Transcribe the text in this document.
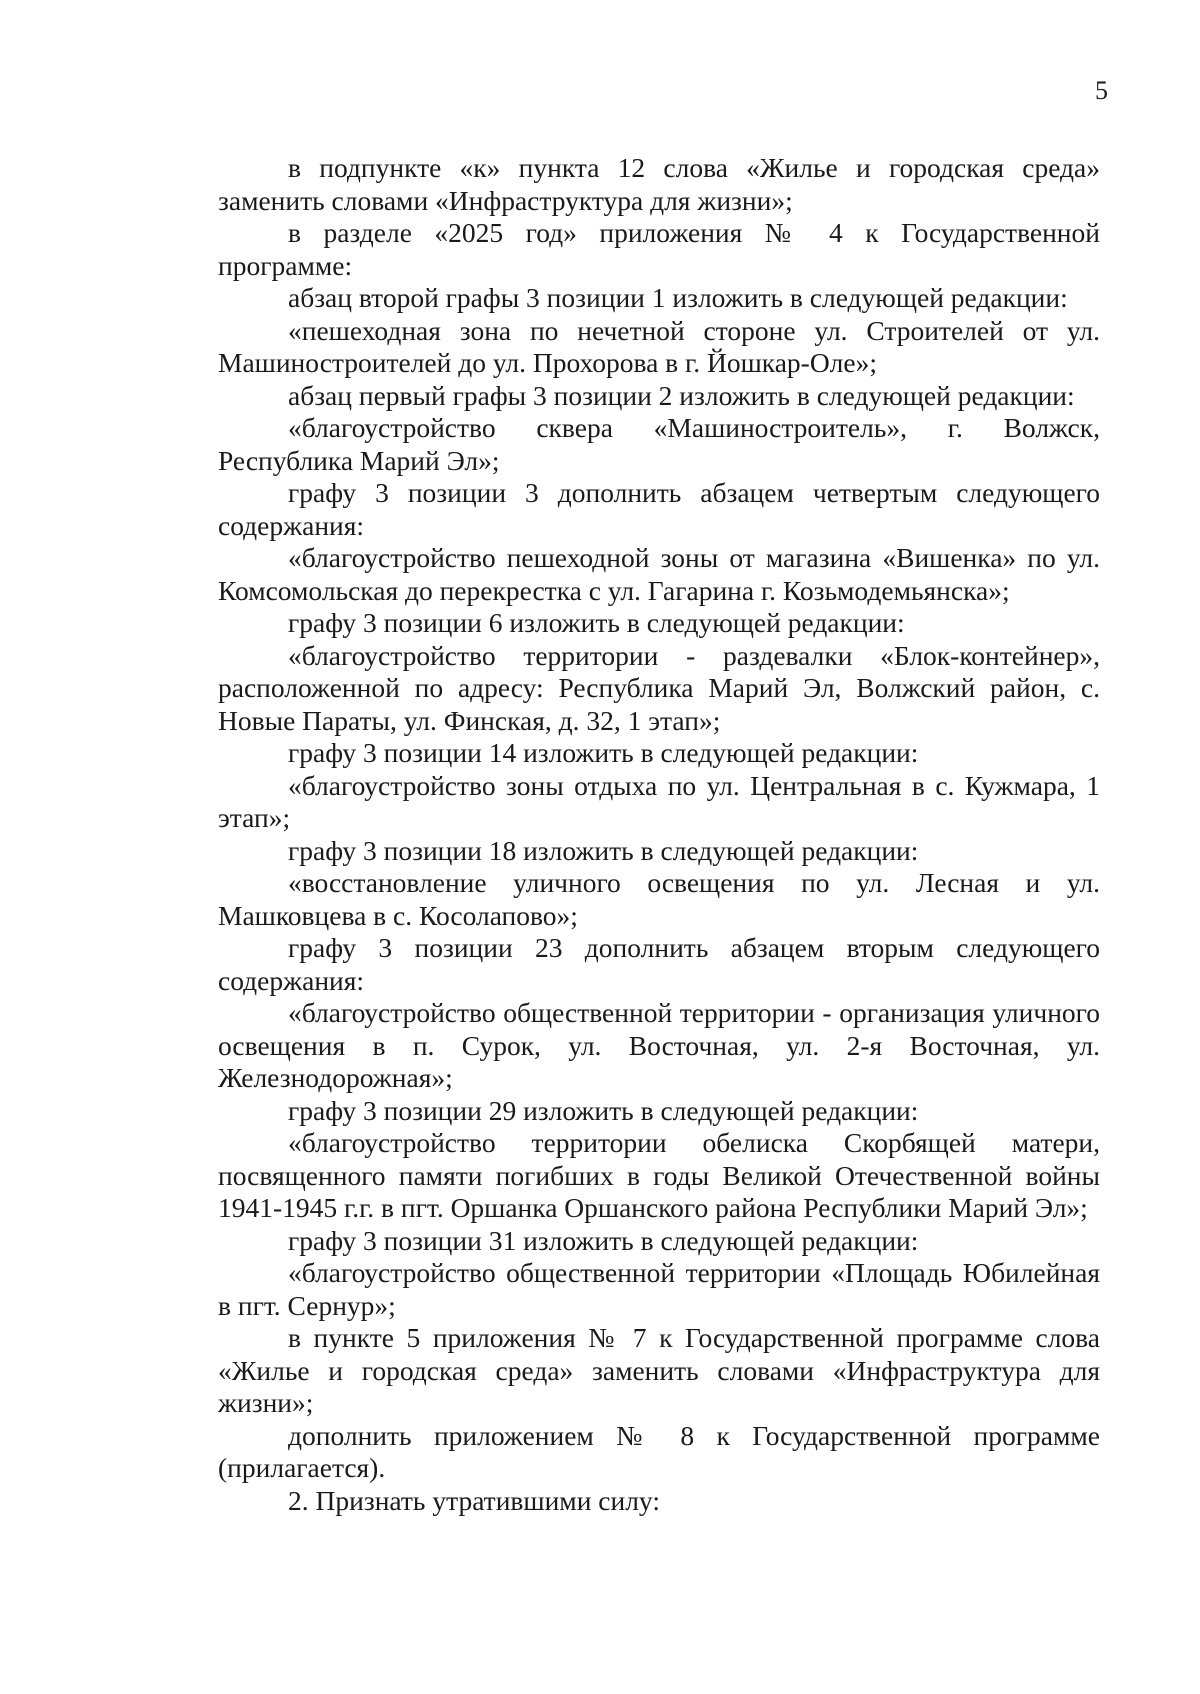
5

в подпункте «к» пункта 12 слова «Жилье и городская среда» заменить словами «Инфраструктура для жизни»;

в разделе «2025 год» приложения № 4 к Государственной программе:

абзац второй графы 3 позиции 1 изложить в следующей редакции:

«пешеходная зона по нечетной стороне ул. Строителей от ул. Машиностроителей до ул. Прохорова в г. Йошкар-Оле»;

абзац первый графы 3 позиции 2 изложить в следующей редакции:

«благоустройство сквера «Машиностроитель», г. Волжск, Республика Марий Эл»;

графу 3 позиции 3 дополнить абзацем четвертым следующего содержания:

«благоустройство пешеходной зоны от магазина «Вишенка» по ул. Комсомольская до перекрестка с ул. Гагарина г. Козьмодемьянска»;

графу 3 позиции 6 изложить в следующей редакции:

«благоустройство территории - раздевалки «Блок-контейнер», расположенной по адресу: Республика Марий Эл, Волжский район, с. Новые Параты, ул. Финская, д. 32, 1 этап»;

графу 3 позиции 14 изложить в следующей редакции:

«благоустройство зоны отдыха по ул. Центральная в с. Кужмара, 1 этап»;

графу 3 позиции 18 изложить в следующей редакции:

«восстановление уличного освещения по ул. Лесная и ул. Машковцева в с. Косолапово»;

графу 3 позиции 23 дополнить абзацем вторым следующего содержания:

«благоустройство общественной территории - организация уличного освещения в п. Сурок, ул. Восточная, ул. 2-я Восточная, ул. Железнодорожная»;

графу 3 позиции 29 изложить в следующей редакции:

«благоустройство территории обелиска Скорбящей матери, посвященного памяти погибших в годы Великой Отечественной войны 1941-1945 г.г. в пгт. Оршанка Оршанского района Республики Марий Эл»;

графу 3 позиции 31 изложить в следующей редакции:

«благоустройство общественной территории «Площадь Юбилейная в пгт. Сернур»;

в пункте 5 приложения № 7 к Государственной программе слова «Жилье и городская среда» заменить словами «Инфраструктура для жизни»;

дополнить приложением № 8 к Государственной программе (прилагается).

2. Признать утратившими силу:
